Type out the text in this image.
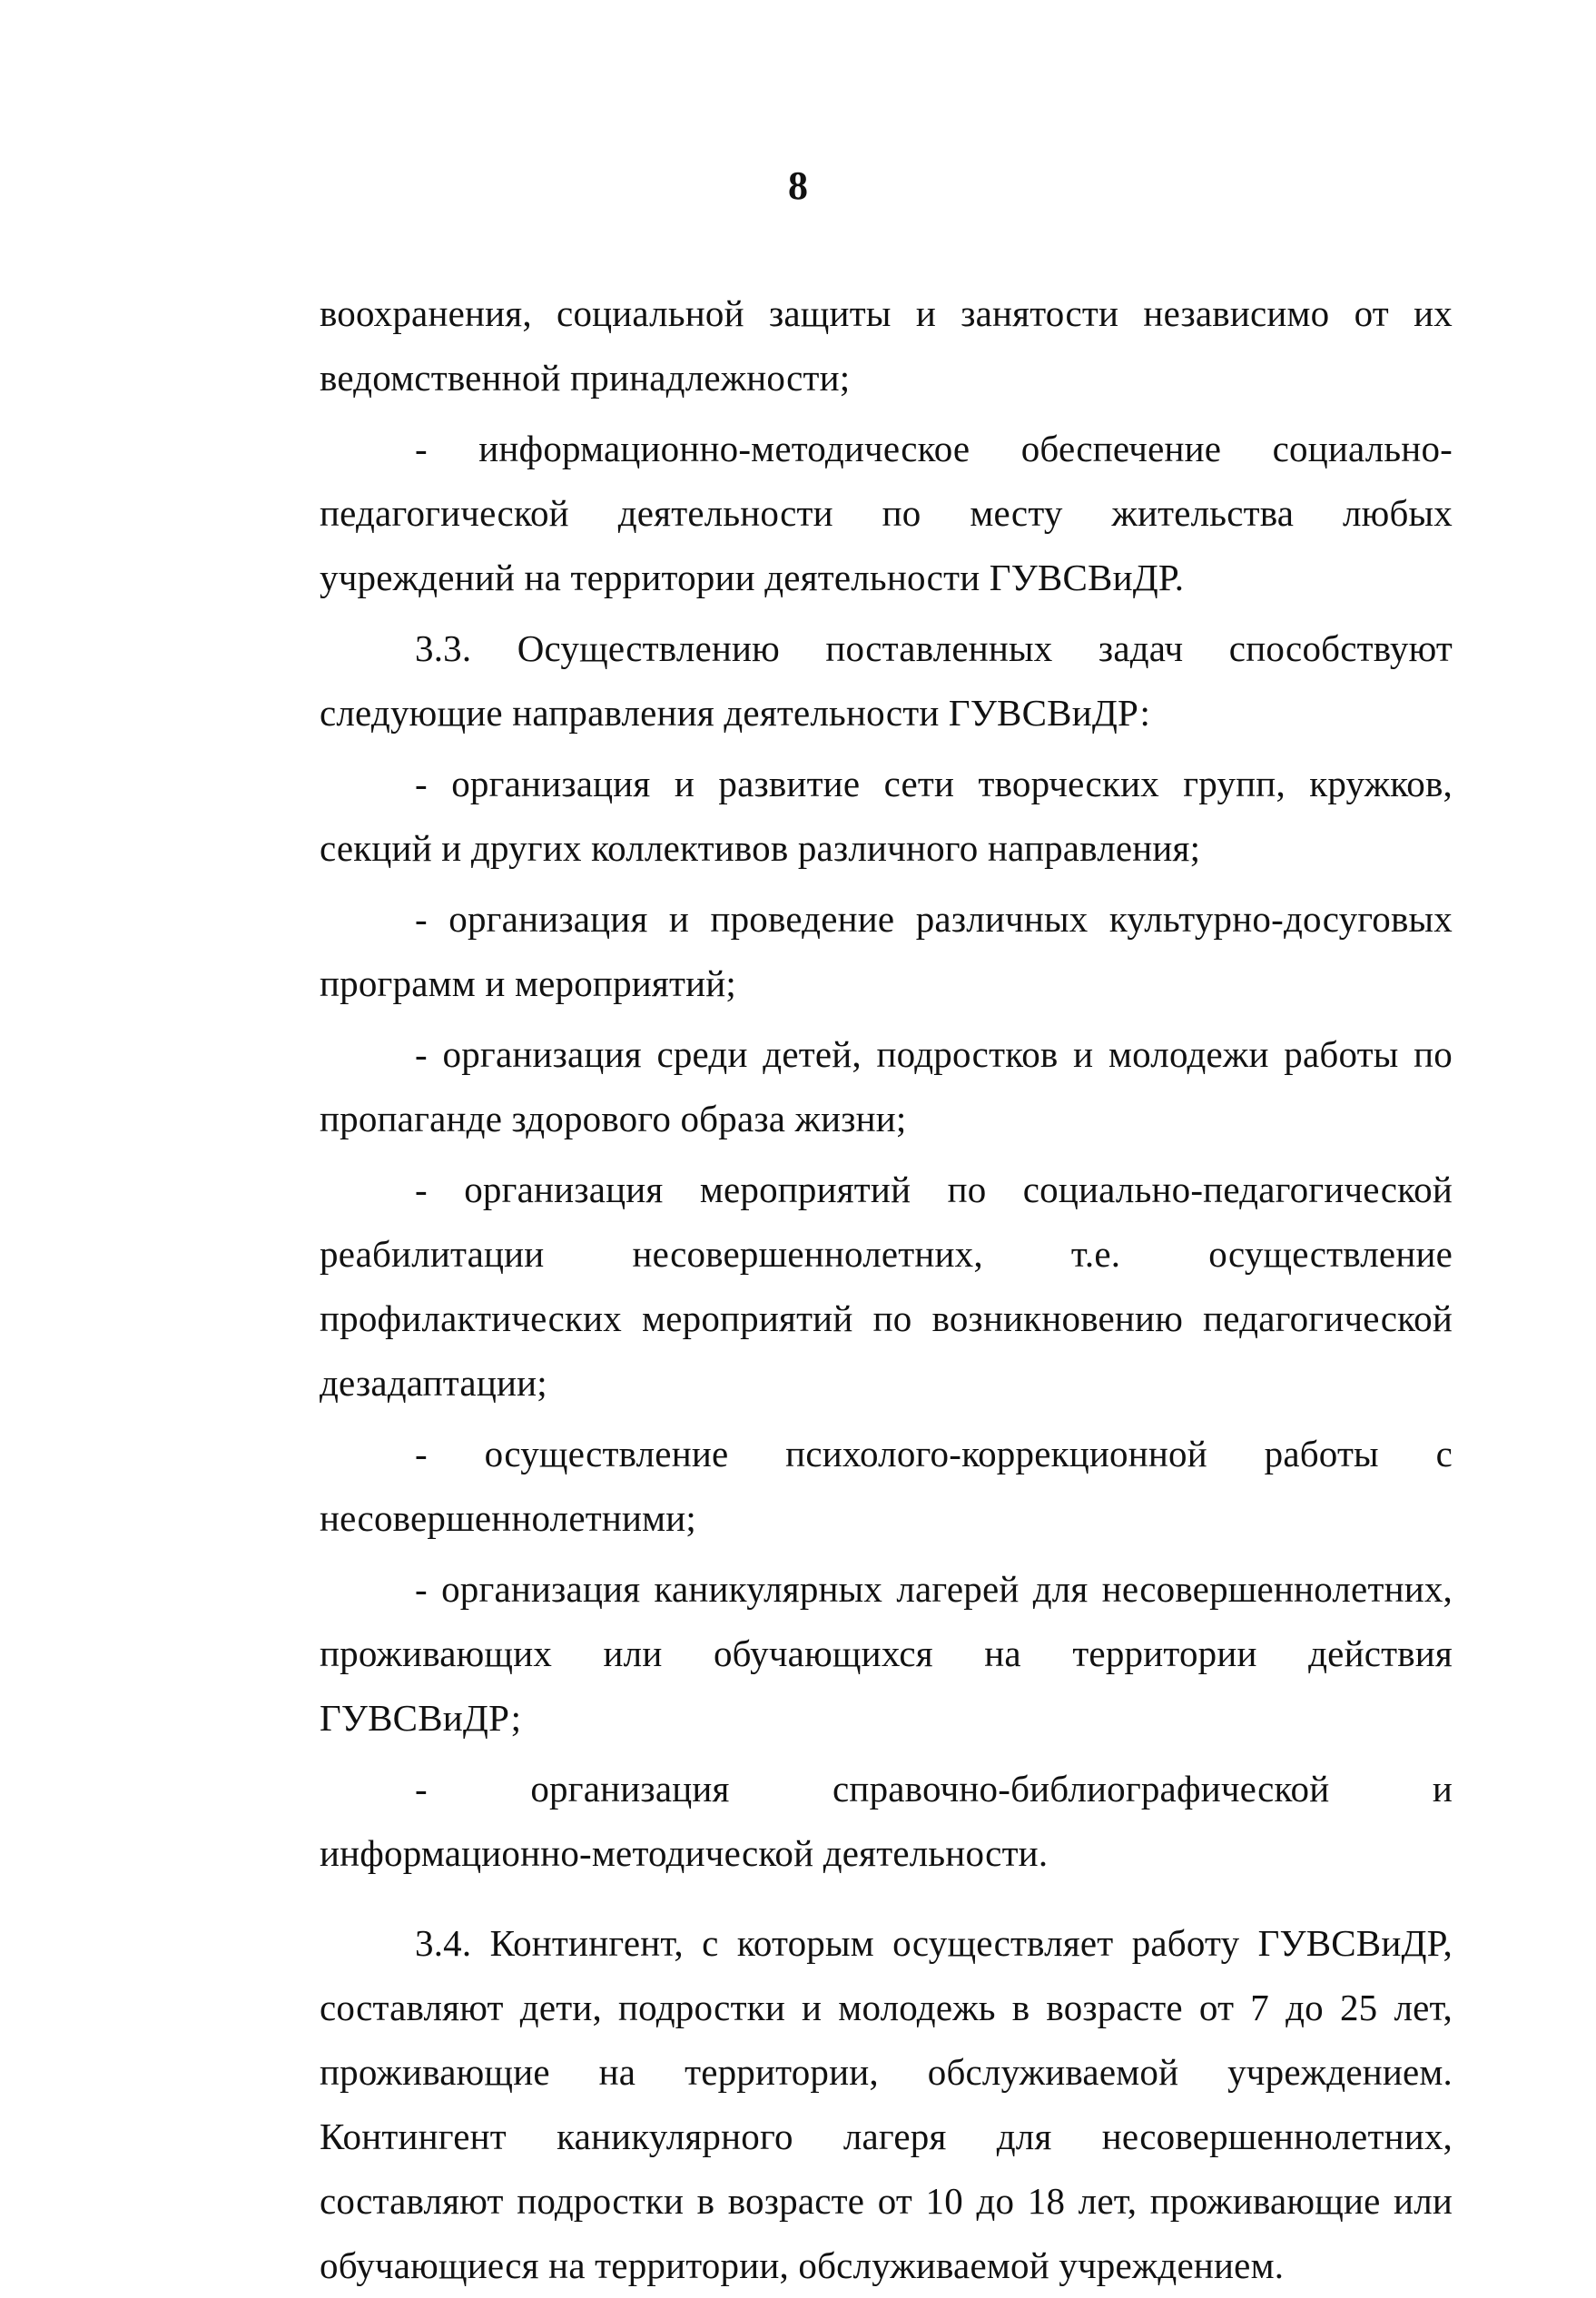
8

воохранения, социальной защиты и занятости независимо от их ведомственной принадлежности;

- информационно-методическое обеспечение социально-педагогической деятельности по месту жительства любых учреждений на территории деятельности ГУВСВиДР.

3.3. Осуществлению поставленных задач способствуют следующие направления деятельности ГУВСВиДР:

- организация и развитие сети творческих групп, кружков, секций и других коллективов различного направления;

- организация и проведение различных культурно-досуговых программ и мероприятий;

- организация среди детей, подростков и молодежи работы по пропаганде здорового образа жизни;

- организация мероприятий по социально-педагогической реабилитации несовершеннолетних, т.е. осуществление профилактических мероприятий по возникновению педагогической дезадаптации;

- осуществление психолого-коррекционной работы с несовершеннолетними;

- организация каникулярных лагерей для несовершеннолетних, проживающих или обучающихся на территории действия ГУВСВиДР;

- организация справочно-библиографической и информационно-методической деятельности.

3.4. Контингент, с которым осуществляет работу ГУВСВиДР, составляют дети, подростки и молодежь в возрасте от 7 до 25 лет, проживающие на территории, обслуживаемой учреждением. Контингент каникулярного лагеря для несовершеннолетних, составляют подростки в возрасте от 10 до 18 лет, проживающие или обучающиеся на территории, обслуживаемой учреждением.
